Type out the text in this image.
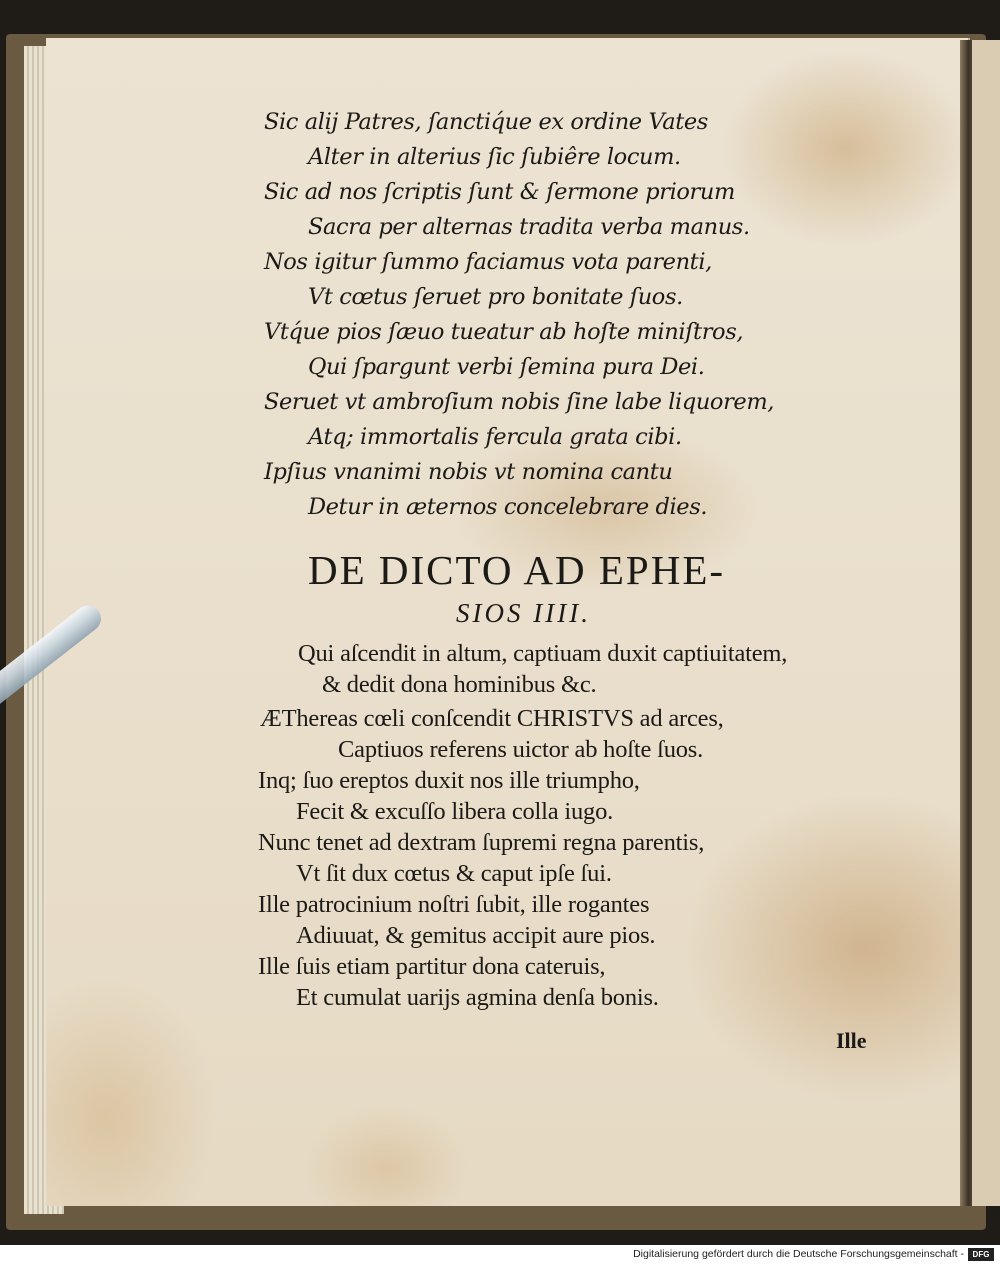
Sic alij Patres, ſanctiq́ue ex ordine Vates

Alter in alterius ſic ſubiêre locum.

Sic ad nos ſcriptis ſunt & ſermone priorum

Sacra per alternas tradita verba manus.

Nos igitur ſummo faciamus vota parenti,

Vt cœtus ſeruet pro bonitate ſuos.

Vtq́ue pios ſæuo tueatur ab hoſte miniſtros,

Qui ſpargunt verbi ſemina pura Dei.

Seruet vt ambroſium nobis ſine labe liquorem,

Atq; immortalis fercula grata cibi.

Ipſius vnanimi nobis vt nomina cantu

Detur in æternos concelebrare dies.

DE DICTO AD EPHE-

SIOS IIII.

Qui aſcendit in altum, captiuam duxit captiuitatem,

& dedit dona hominibus &c.

ÆThereas cœli conſcendit CHRISTVS ad arces,

Captiuos referens uictor ab hoſte ſuos.

Inq; ſuo ereptos duxit nos ille triumpho,

Fecit & excuſſo libera colla iugo.

Nunc tenet ad dextram ſupremi regna parentis,

Vt ſit dux cœtus & caput ipſe ſui.

Ille patrocinium noſtri ſubit, ille rogantes

Adiuuat, & gemitus accipit aure pios.

Ille ſuis etiam partitur dona cateruis,

Et cumulat uarijs agmina denſa bonis.

Ille

Digitalisierung gefördert durch die Deutsche Forschungsgemeinschaft -	DFG
